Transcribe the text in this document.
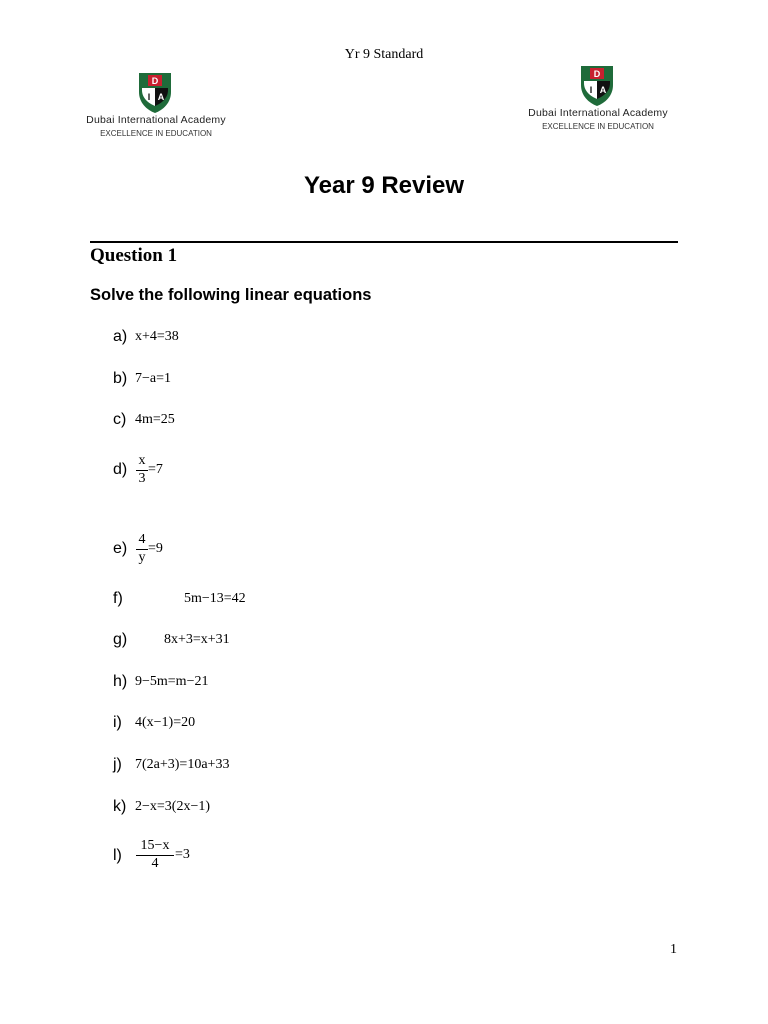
Yr 9 Standard
D
I A
Dubai International Academy
EXCELLENCE IN EDUCATION
D
I A
Dubai International Academy
EXCELLENCE IN EDUCATION
Year 9 Review
Question 1
Solve the following linear equations
a) x+4=38
b) 7−a=1
c) 4m=25
d)
x
3
=7
e)
4
y
=9
f)	5m−13=42
g)	8x+3=x+31
h) 9−5m=m−21
i) 4(x−1)=20
j) 7(2a+3)=10a+33
k) 2−x=3(2x−1)
l)
15−x
4
=3
1
